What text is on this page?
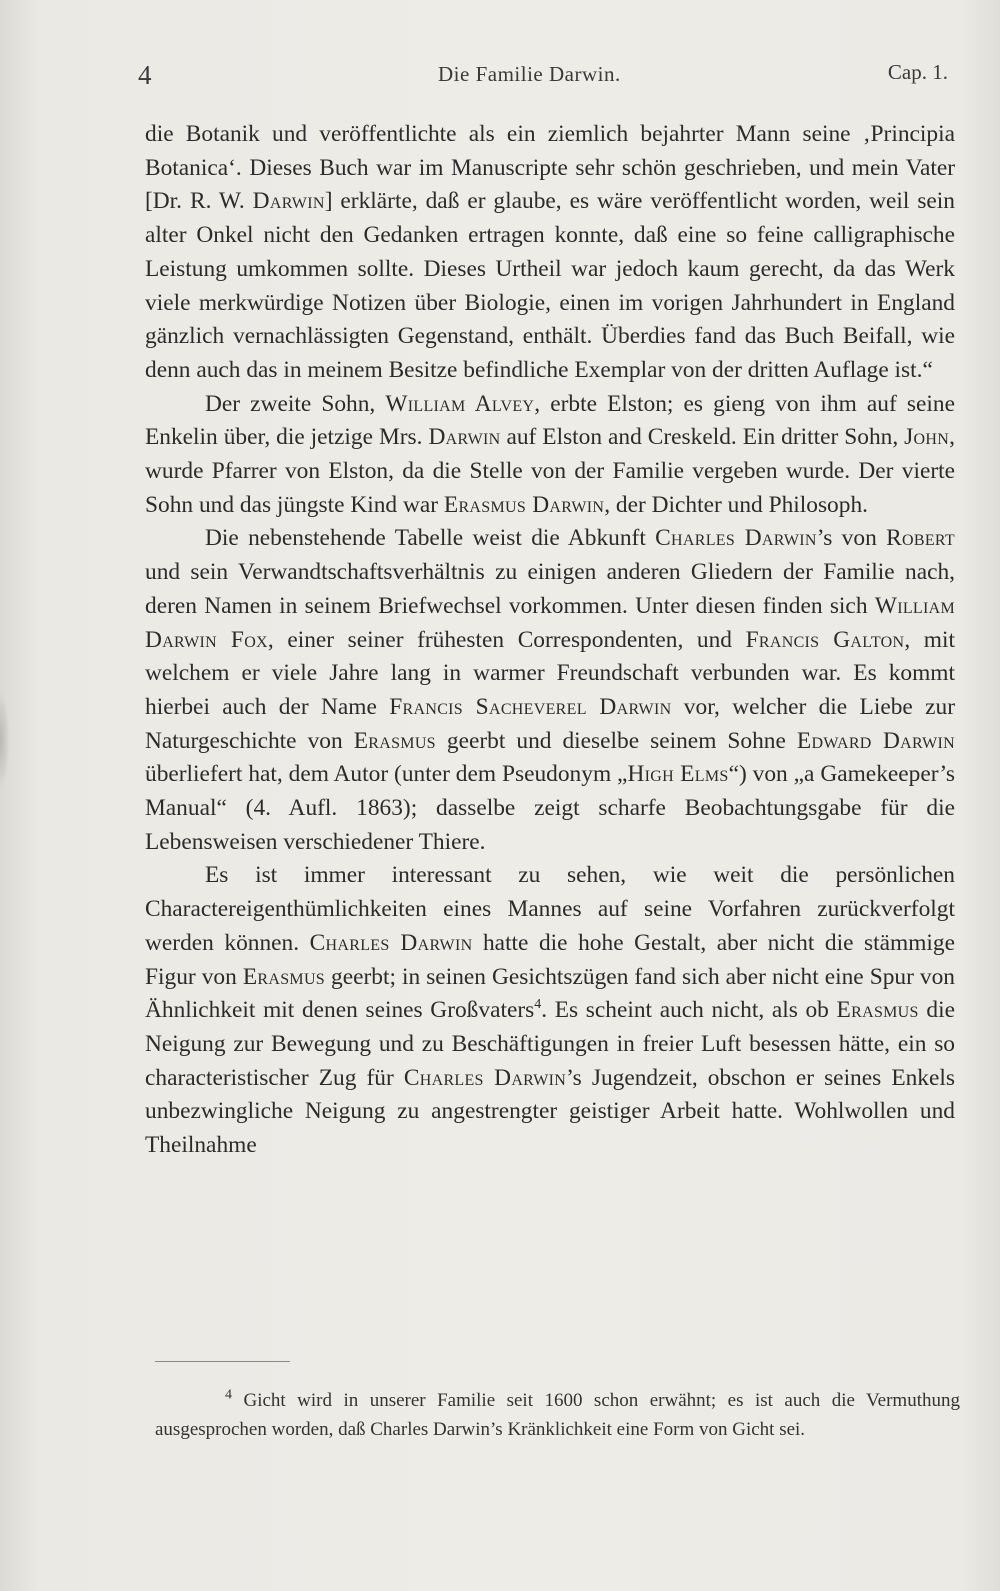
4	Die Familie Darwin.	Cap. 1.

die Botanik und veröffentlichte als ein ziemlich bejahrter Mann seine ‚Principia Botanica‘. Dieses Buch war im Manuscripte sehr schön geschrieben, und mein Vater [Dr. R. W. Darwin] erklärte, daß er glaube, es wäre veröffentlicht worden, weil sein alter Onkel nicht den Gedanken ertragen konnte, daß eine so feine calligraphische Leistung umkommen sollte. Dieses Urtheil war jedoch kaum gerecht, da das Werk viele merkwürdige Notizen über Biologie, einen im vorigen Jahrhundert in England gänzlich vernachlässigten Gegenstand, enthält. Überdies fand das Buch Beifall, wie denn auch das in meinem Besitze befindliche Exemplar von der dritten Auflage ist.“

Der zweite Sohn, William Alvey, erbte Elston; es gieng von ihm auf seine Enkelin über, die jetzige Mrs. Darwin auf Elston and Creskeld. Ein dritter Sohn, John, wurde Pfarrer von Elston, da die Stelle von der Familie vergeben wurde. Der vierte Sohn und das jüngste Kind war Erasmus Darwin, der Dichter und Philosoph.

Die nebenstehende Tabelle weist die Abkunft Charles Darwin’s von Robert und sein Verwandtschaftsverhältnis zu einigen anderen Gliedern der Familie nach, deren Namen in seinem Briefwechsel vorkommen. Unter diesen finden sich William Darwin Fox, einer seiner frühesten Correspondenten, und Francis Galton, mit welchem er viele Jahre lang in warmer Freundschaft verbunden war. Es kommt hierbei auch der Name Francis Sacheverel Darwin vor, welcher die Liebe zur Naturgeschichte von Erasmus geerbt und dieselbe seinem Sohne Edward Darwin überliefert hat, dem Autor (unter dem Pseudonym „High Elms“) von „a Gamekeeper’s Manual“ (4. Aufl. 1863); dasselbe zeigt scharfe Beobachtungsgabe für die Lebensweisen verschiedener Thiere.

Es ist immer interessant zu sehen, wie weit die persönlichen Charactereigenthümlichkeiten eines Mannes auf seine Vorfahren zurückverfolgt werden können. Charles Darwin hatte die hohe Gestalt, aber nicht die stämmige Figur von Erasmus geerbt; in seinen Gesichtszügen fand sich aber nicht eine Spur von Ähnlichkeit mit denen seines Großvaters$^4$. Es scheint auch nicht, als ob Erasmus die Neigung zur Bewegung und zu Beschäftigungen in freier Luft besessen hätte, ein so characteristischer Zug für Charles Darwin’s Jugendzeit, obschon er seines Enkels unbezwingliche Neigung zu angestrengter geistiger Arbeit hatte. Wohlwollen und Theilnahme

$^4$ Gicht wird in unserer Familie seit 1600 schon erwähnt; es ist auch die Vermuthung ausgesprochen worden, daß Charles Darwin’s Kränklichkeit eine Form von Gicht sei.
